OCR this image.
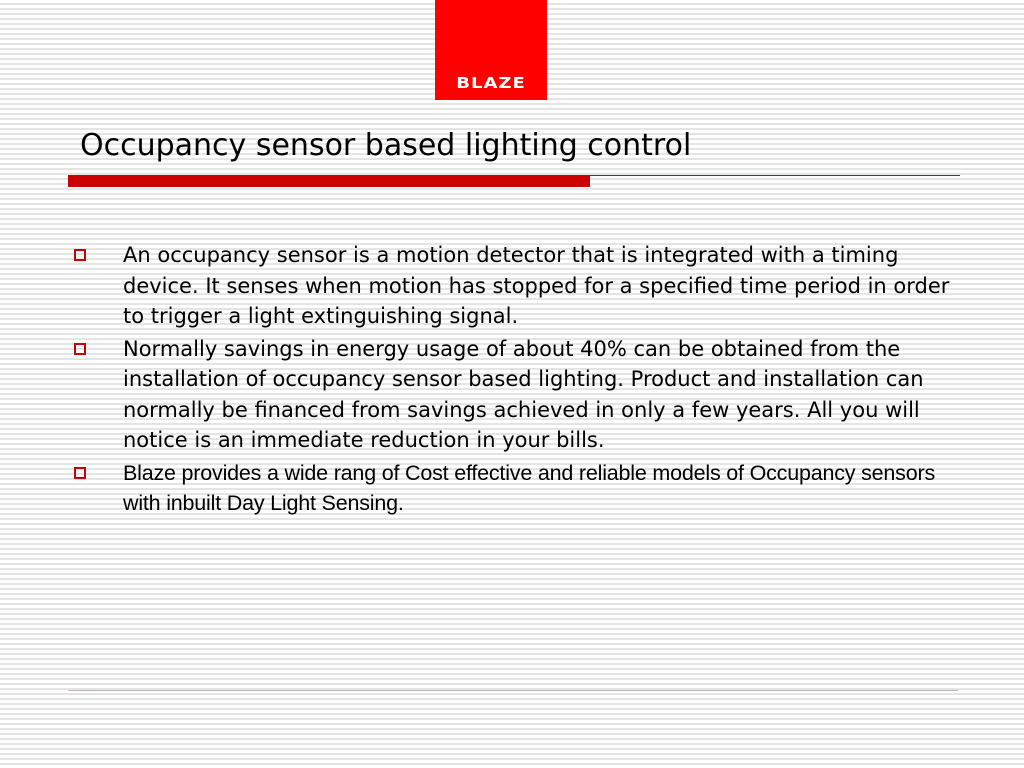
BLAZE
Occupancy sensor based lighting control
An occupancy sensor is a motion detector that is integrated with a timing device. It senses when motion has stopped for a specified time period in order to trigger a light extinguishing signal.
Normally savings in energy usage of about 40% can be obtained from the installation of occupancy sensor based lighting. Product and installation can normally be financed from savings achieved in only a few years. All you will notice is an immediate reduction in your bills.
Blaze provides a wide rang of Cost effective and reliable models of Occupancy sensors with inbuilt Day Light Sensing.
